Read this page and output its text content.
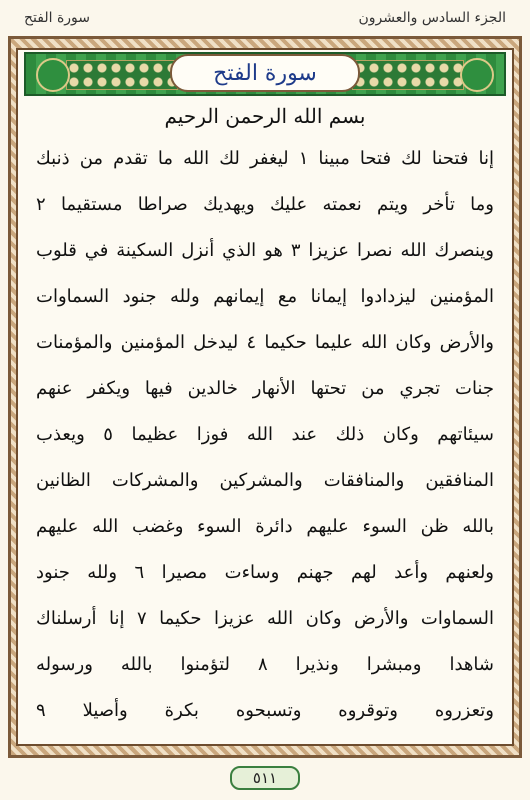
الجزء السادس والعشرون
سورة الفتح
سورة الفتح
بسم الله الرحمن الرحيم
إنا فتحنا لك فتحا مبينا ١ ليغفر لك الله ما تقدم من ذنبك
وما تأخر ويتم نعمته عليك ويهديك صراطا مستقيما ٢
وينصرك الله نصرا عزيزا ٣ هو الذي أنزل السكينة في قلوب
المؤمنين ليزدادوا إيمانا مع إيمانهم ولله جنود السماوات
والأرض وكان الله عليما حكيما ٤ ليدخل المؤمنين والمؤمنات
جنات تجري من تحتها الأنهار خالدين فيها ويكفر عنهم
سيئاتهم وكان ذلك عند الله فوزا عظيما ٥ ويعذب
المنافقين والمنافقات والمشركين والمشركات الظانين
بالله ظن السوء عليهم دائرة السوء وغضب الله عليهم
ولعنهم وأعد لهم جهنم وساءت مصيرا ٦ ولله جنود
السماوات والأرض وكان الله عزيزا حكيما ٧ إنا أرسلناك
شاهدا ومبشرا ونذيرا ٨ لتؤمنوا بالله ورسوله
وتعزروه وتوقروه وتسبحوه بكرة وأصيلا ٩
٥١١
